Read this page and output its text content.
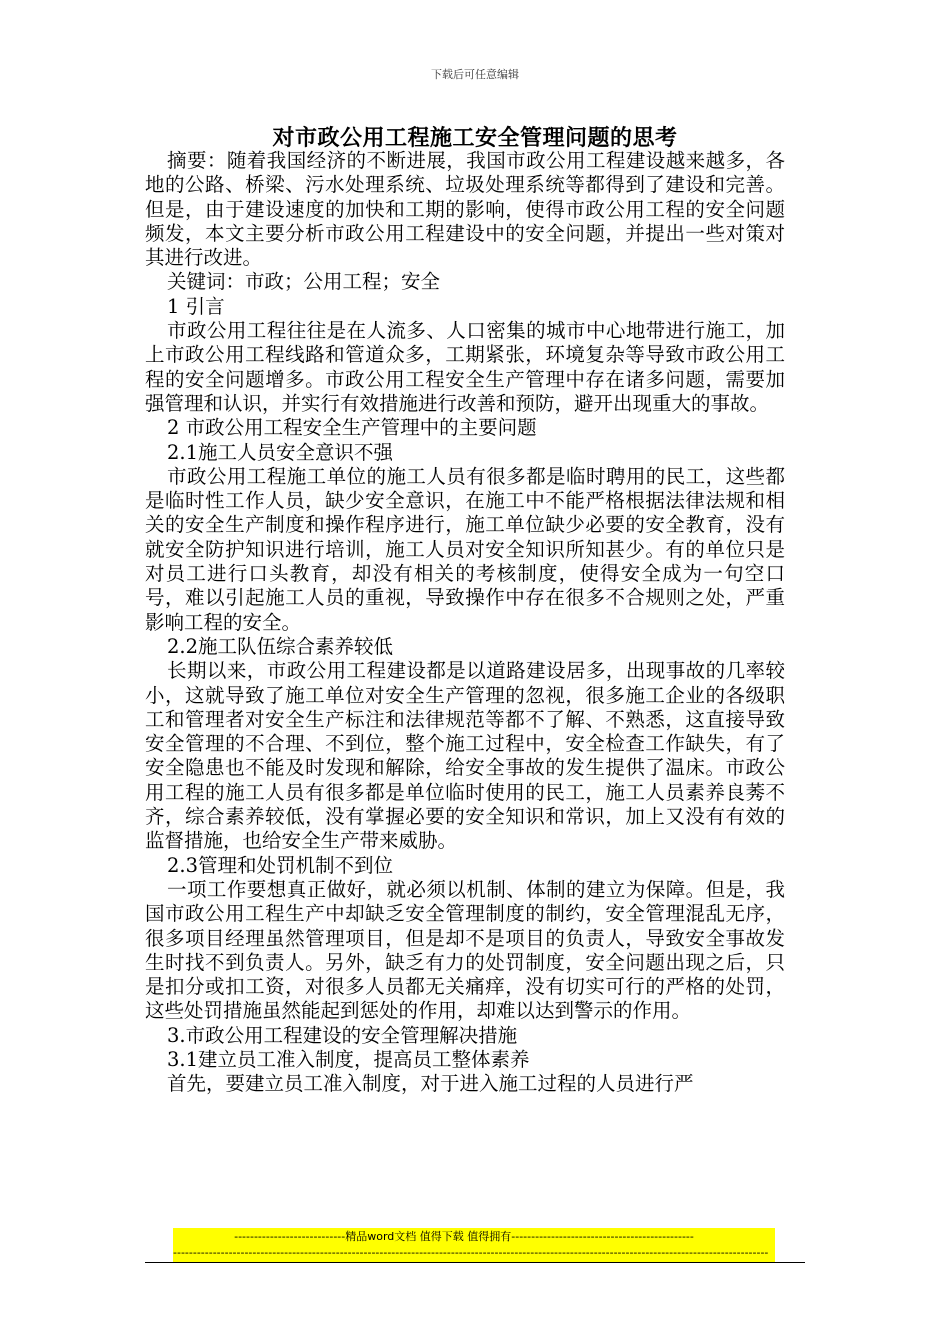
下载后可任意编辑
对市政公用工程施工安全管理问题的思考

摘要：随着我国经济的不断进展，我国市政公用工程建设越来越多，各地的公路、桥梁、污水处理系统、垃圾处理系统等都得到了建设和完善。但是，由于建设速度的加快和工期的影响，使得市政公用工程的安全问题频发，本文主要分析市政公用工程建设中的安全问题，并提出一些对策对其进行改进。

关键词：市政；公用工程；安全

1 引言

市政公用工程往往是在人流多、人口密集的城市中心地带进行施工，加上市政公用工程线路和管道众多，工期紧张，环境复杂等导致市政公用工程的安全问题增多。市政公用工程安全生产管理中存在诸多问题，需要加强管理和认识，并实行有效措施进行改善和预防，避开出现重大的事故。

2 市政公用工程安全生产管理中的主要问题

2.1施工人员安全意识不强

市政公用工程施工单位的施工人员有很多都是临时聘用的民工，这些都是临时性工作人员，缺少安全意识，在施工中不能严格根据法律法规和相关的安全生产制度和操作程序进行，施工单位缺少必要的安全教育，没有就安全防护知识进行培训，施工人员对安全知识所知甚少。有的单位只是对员工进行口头教育，却没有相关的考核制度，使得安全成为一句空口号，难以引起施工人员的重视，导致操作中存在很多不合规则之处，严重影响工程的安全。

2.2施工队伍综合素养较低

长期以来，市政公用工程建设都是以道路建设居多，出现事故的几率较小，这就导致了施工单位对安全生产管理的忽视，很多施工企业的各级职工和管理者对安全生产标注和法律规范等都不了解、不熟悉，这直接导致安全管理的不合理、不到位，整个施工过程中，安全检查工作缺失，有了安全隐患也不能及时发现和解除，给安全事故的发生提供了温床。市政公用工程的施工人员有很多都是单位临时使用的民工，施工人员素养良莠不齐，综合素养较低，没有掌握必要的安全知识和常识，加上又没有有效的监督措施，也给安全生产带来威胁。

2.3管理和处罚机制不到位

一项工作要想真正做好，就必须以机制、体制的建立为保障。但是，我国市政公用工程生产中却缺乏安全管理制度的制约，安全管理混乱无序，很多项目经理虽然管理项目，但是却不是项目的负责人，导致安全事故发生时找不到负责人。另外，缺乏有力的处罚制度，安全问题出现之后，只是扣分或扣工资，对很多人员都无关痛痒，没有切实可行的严格的处罚，这些处罚措施虽然能起到惩处的作用，却难以达到警示的作用。

3.市政公用工程建设的安全管理解决措施

3.1建立员工准入制度，提高员工整体素养

首先，要建立员工准入制度，对于进入施工过程的人员进行严

----------------------------精品word文档 值得下载 值得拥有----------------------------------------------
------------------------------------------------------------------------------------------------------------------------------------------------------
